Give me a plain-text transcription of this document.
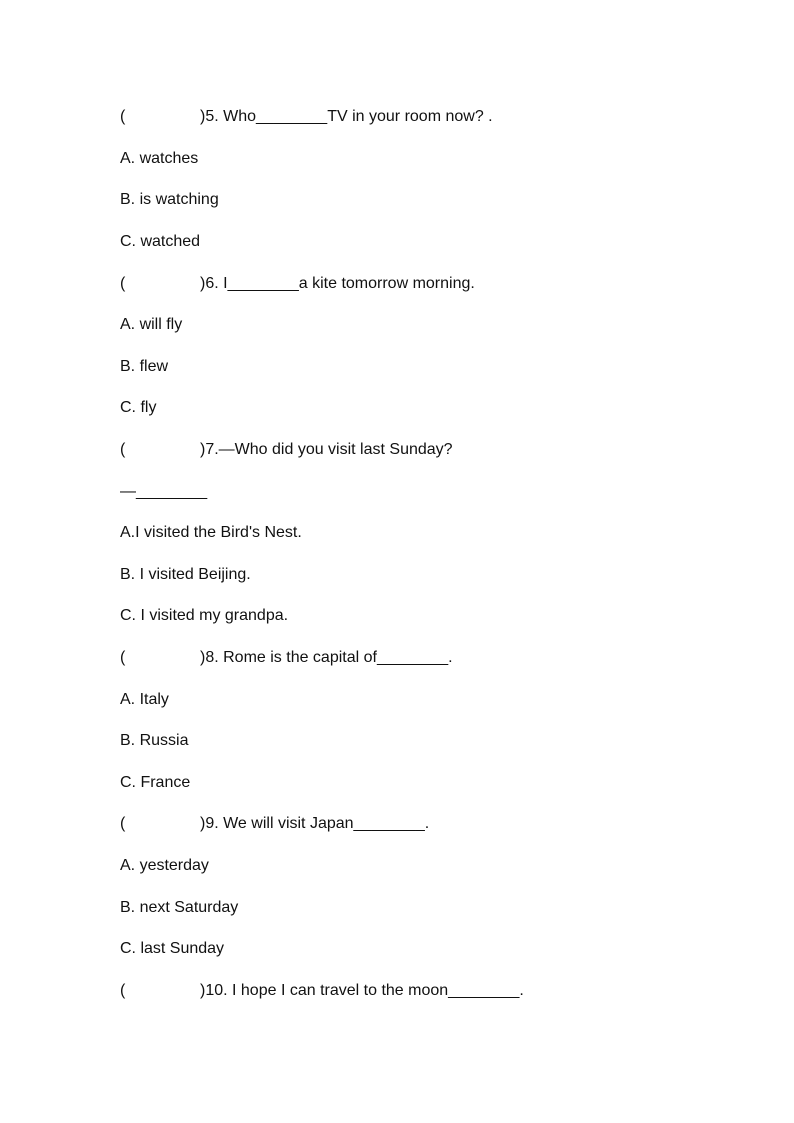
(	)5. Who________TV in your room now? .
A. watches
B. is watching
C. watched
(	)6. I________a kite tomorrow morning.
A. will fly
B. flew
C. fly
(	)7.—Who did you visit last Sunday?
—________
A.I visited the Bird's Nest.
B. I visited Beijing.
C. I visited my grandpa.
(	)8. Rome is the capital of________.
A. Italy
B. Russia
C. France
(	)9. We will visit Japan________.
A. yesterday
B. next Saturday
C. last Sunday
(	)10. I hope I can travel to the moon________.
